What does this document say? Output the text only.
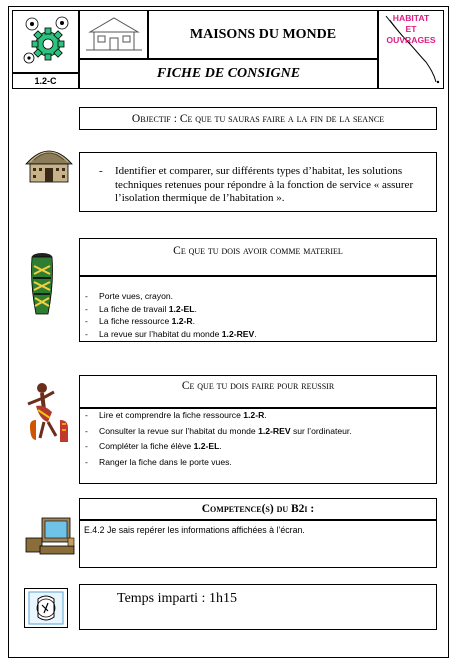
1.2-C
MAISONS DU MONDE
HABITAT
ET
OUVRAGES
FICHE DE CONSIGNE
Objectif : Ce que tu sauras faire a la fin de la seance
- Identifier et comparer, sur différents types d’habitat, les solutions techniques retenues pour répondre à la fonction de service « assurer l’isolation thermique de l’habitation ».
Ce que tu dois avoir comme materiel
- Porte vues, crayon.
- La fiche de travail 1.2-EL.
- La fiche ressource 1.2-R.
- La revue sur l’habitat du monde 1.2-REV.
Ce que tu dois faire pour reussir
- Lire et comprendre la fiche ressource 1.2-R.
- Consulter la revue sur l’habitat du monde 1.2-REV sur l’ordinateur.
- Compléter la fiche élève 1.2-EL.
- Ranger la fiche dans le porte vues.
Competence(s) du B2i :
E.4.2 Je sais repérer les informations affichées à l’écran.
Temps imparti : 1h15
